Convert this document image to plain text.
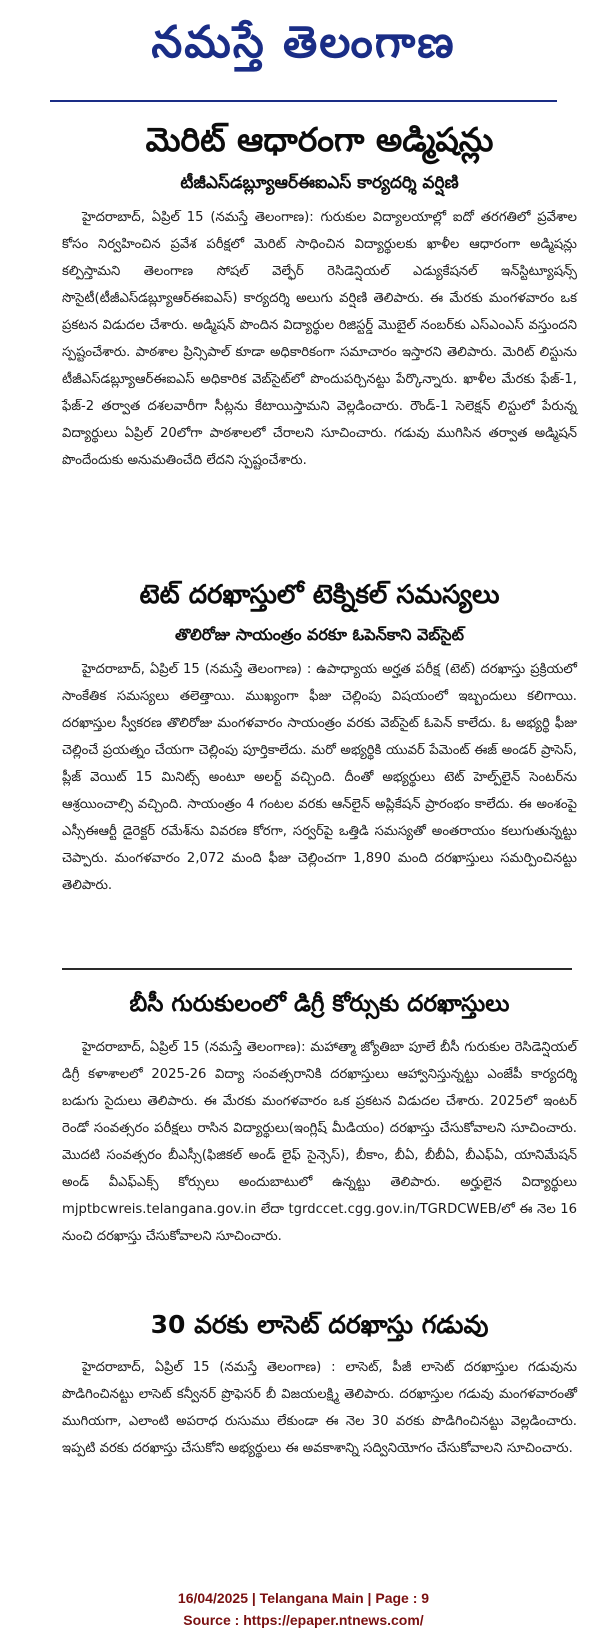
నమస్తే తెలంగాణ
మెరిట్ ఆధారంగా అడ్మిషన్లు
టీజీఎస్‌డబ్ల్యూఆర్ఈఐఎస్ కార్యదర్శి వర్షిణి

హైదరాబాద్, ఏప్రిల్ 15 (నమస్తే తెలంగాణ): గురుకుల విద్యాలయాల్లో ఐదో తరగతిలో ప్రవేశాల కోసం నిర్వహించిన ప్రవేశ పరీక్షలో మెరిట్ సాధించిన విద్యార్థులకు ఖాళీల ఆధారంగా అడ్మిషన్లు కల్పిస్తామని తెలంగాణ సోషల్ వెల్ఫేర్ రెసిడెన్షియల్ ఎడ్యుకేషనల్ ఇన్‌స్టిట్యూషన్స్ సొసైటీ(టీజీఎస్‌డబ్ల్యూఆర్ఈఐఎస్) కార్యదర్శి అలుగు వర్షిణి తెలిపారు. ఈ మేరకు మంగళవారం ఒక ప్రకటన విడుదల చేశారు. అడ్మిషన్ పొందిన విద్యార్థుల రిజిస్టర్డ్ మొబైల్ నంబర్‌కు ఎస్ఎంఎస్ వస్తుందని స్పష్టంచేశారు. పాఠశాల ప్రిన్సిపాల్ కూడా అధికారికంగా సమాచారం ఇస్తారని తెలిపారు. మెరిట్ లిస్టును టీజీఎస్‌డబ్ల్యూఆర్ఈఐఎస్ అధికారిక వెబ్‌సైట్‌లో పొందుపర్చినట్టు పేర్కొన్నారు. ఖాళీల మేరకు ఫేజ్-1, ఫేజ్-2 తర్వాత దశలవారీగా సీట్లను కేటాయిస్తామని వెల్లడించారు. రౌండ్-1 సెలెక్షన్ లిస్టులో పేరున్న విద్యార్థులు ఏప్రిల్ 20లోగా పాఠశాలలో చేరాలని సూచించారు. గడువు ముగిసిన తర్వాత అడ్మిషన్ పొందేందుకు అనుమతించేది లేదని స్పష్టంచేశారు.

టెట్ దరఖాస్తులో టెక్నికల్ సమస్యలు
తొలిరోజు సాయంత్రం వరకూ ఓపెన్‌కాని వెబ్‌సైట్

హైదరాబాద్, ఏప్రిల్ 15 (నమస్తే తెలంగాణ) : ఉపాధ్యాయ అర్హత పరీక్ష (టెట్) దరఖాస్తు ప్రక్రియలో సాంకేతిక సమస్యలు తలెత్తాయి. ముఖ్యంగా ఫీజు చెల్లింపు విషయంలో ఇబ్బందులు కలిగాయి. దరఖాస్తుల స్వీకరణ తొలిరోజు మంగళవారం సాయంత్రం వరకు వెబ్‌సైట్ ఓపెన్ కాలేదు. ఓ అభ్యర్థి ఫీజు చెల్లించే ప్రయత్నం చేయగా చెల్లింపు పూర్తికాలేదు. మరో అభ్యర్థికి యువర్ పేమెంట్ ఈజ్ అండర్ ప్రాసెస్, ప్లీజ్ వెయిట్ 15 మినిట్స్ అంటూ అలర్ట్ వచ్చింది. దీంతో అభ్యర్థులు టెట్ హెల్ప్‌లైన్ సెంటర్‌ను ఆశ్రయించాల్సి వచ్చింది. సాయంత్రం 4 గంటల వరకు ఆన్‌లైన్ అప్లికేషన్ ప్రారంభం కాలేదు. ఈ అంశంపై ఎస్సీఈఆర్టీ డైరెక్టర్ రమేశ్‌ను వివరణ కోరగా, సర్వర్‌పై ఒత్తిడి సమస్యతో అంతరాయం కలుగుతున్నట్టు చెప్పారు. మంగళవారం 2,072 మంది ఫీజు చెల్లించగా 1,890 మంది దరఖాస్తులు సమర్పించినట్టు తెలిపారు.

బీసీ గురుకులంలో డిగ్రీ కోర్సుకు దరఖాస్తులు

హైదరాబాద్, ఏప్రిల్ 15 (నమస్తే తెలంగాణ): మహాత్మా జ్యోతిబా పూలే బీసీ గురుకుల రెసిడెన్షియల్ డిగ్రీ కళాశాలలో 2025-26 విద్యా సంవత్సరానికి దరఖాస్తులు ఆహ్వానిస్తున్నట్టు ఎంజేపీ కార్యదర్శి బడుగు సైదులు తెలిపారు. ఈ మేరకు మంగళవారం ఒక ప్రకటన విడుదల చేశారు. 2025లో ఇంటర్ రెండో సంవత్సరం పరీక్షలు రాసిన విద్యార్థులు(ఇంగ్లిష్ మీడియం) దరఖాస్తు చేసుకోవాలని సూచించారు. మొదటి సంవత్సరం బీఎస్సీ(ఫిజికల్ అండ్ లైఫ్ సైన్సెస్), బీకాం, బీఏ, బీబీఏ, బీఎఫ్ఏ, యానిమేషన్ అండ్ వీఎఫ్ఎక్స్ కోర్సులు అందుబాటులో ఉన్నట్టు తెలిపారు. అర్హులైన విద్యార్థులు mjptbcwreis.telangana.gov.in లేదా tgrdccet.cgg.gov.in/TGRDCWEB/లో ఈ నెల 16 నుంచి దరఖాస్తు చేసుకోవాలని సూచించారు.

30 వరకు లాసెట్ దరఖాస్తు గడువు

హైదరాబాద్, ఏప్రిల్ 15 (నమస్తే తెలంగాణ) : లాసెట్, పీజీ లాసెట్ దరఖాస్తుల గడువును పొడిగించినట్టు లాసెట్ కన్వీనర్ ప్రొఫెసర్ బీ విజయలక్ష్మి తెలిపారు. దరఖాస్తుల గడువు మంగళవారంతో ముగియగా, ఎలాంటి అపరాధ రుసుము లేకుండా ఈ నెల 30 వరకు పొడిగించినట్టు వెల్లడించారు. ఇప్పటి వరకు దరఖాస్తు చేసుకోని అభ్యర్థులు ఈ అవకాశాన్ని సద్వినియోగం చేసుకోవాలని సూచించారు.

16/04/2025 | Telangana Main | Page : 9
Source : https://epaper.ntnews.com/
